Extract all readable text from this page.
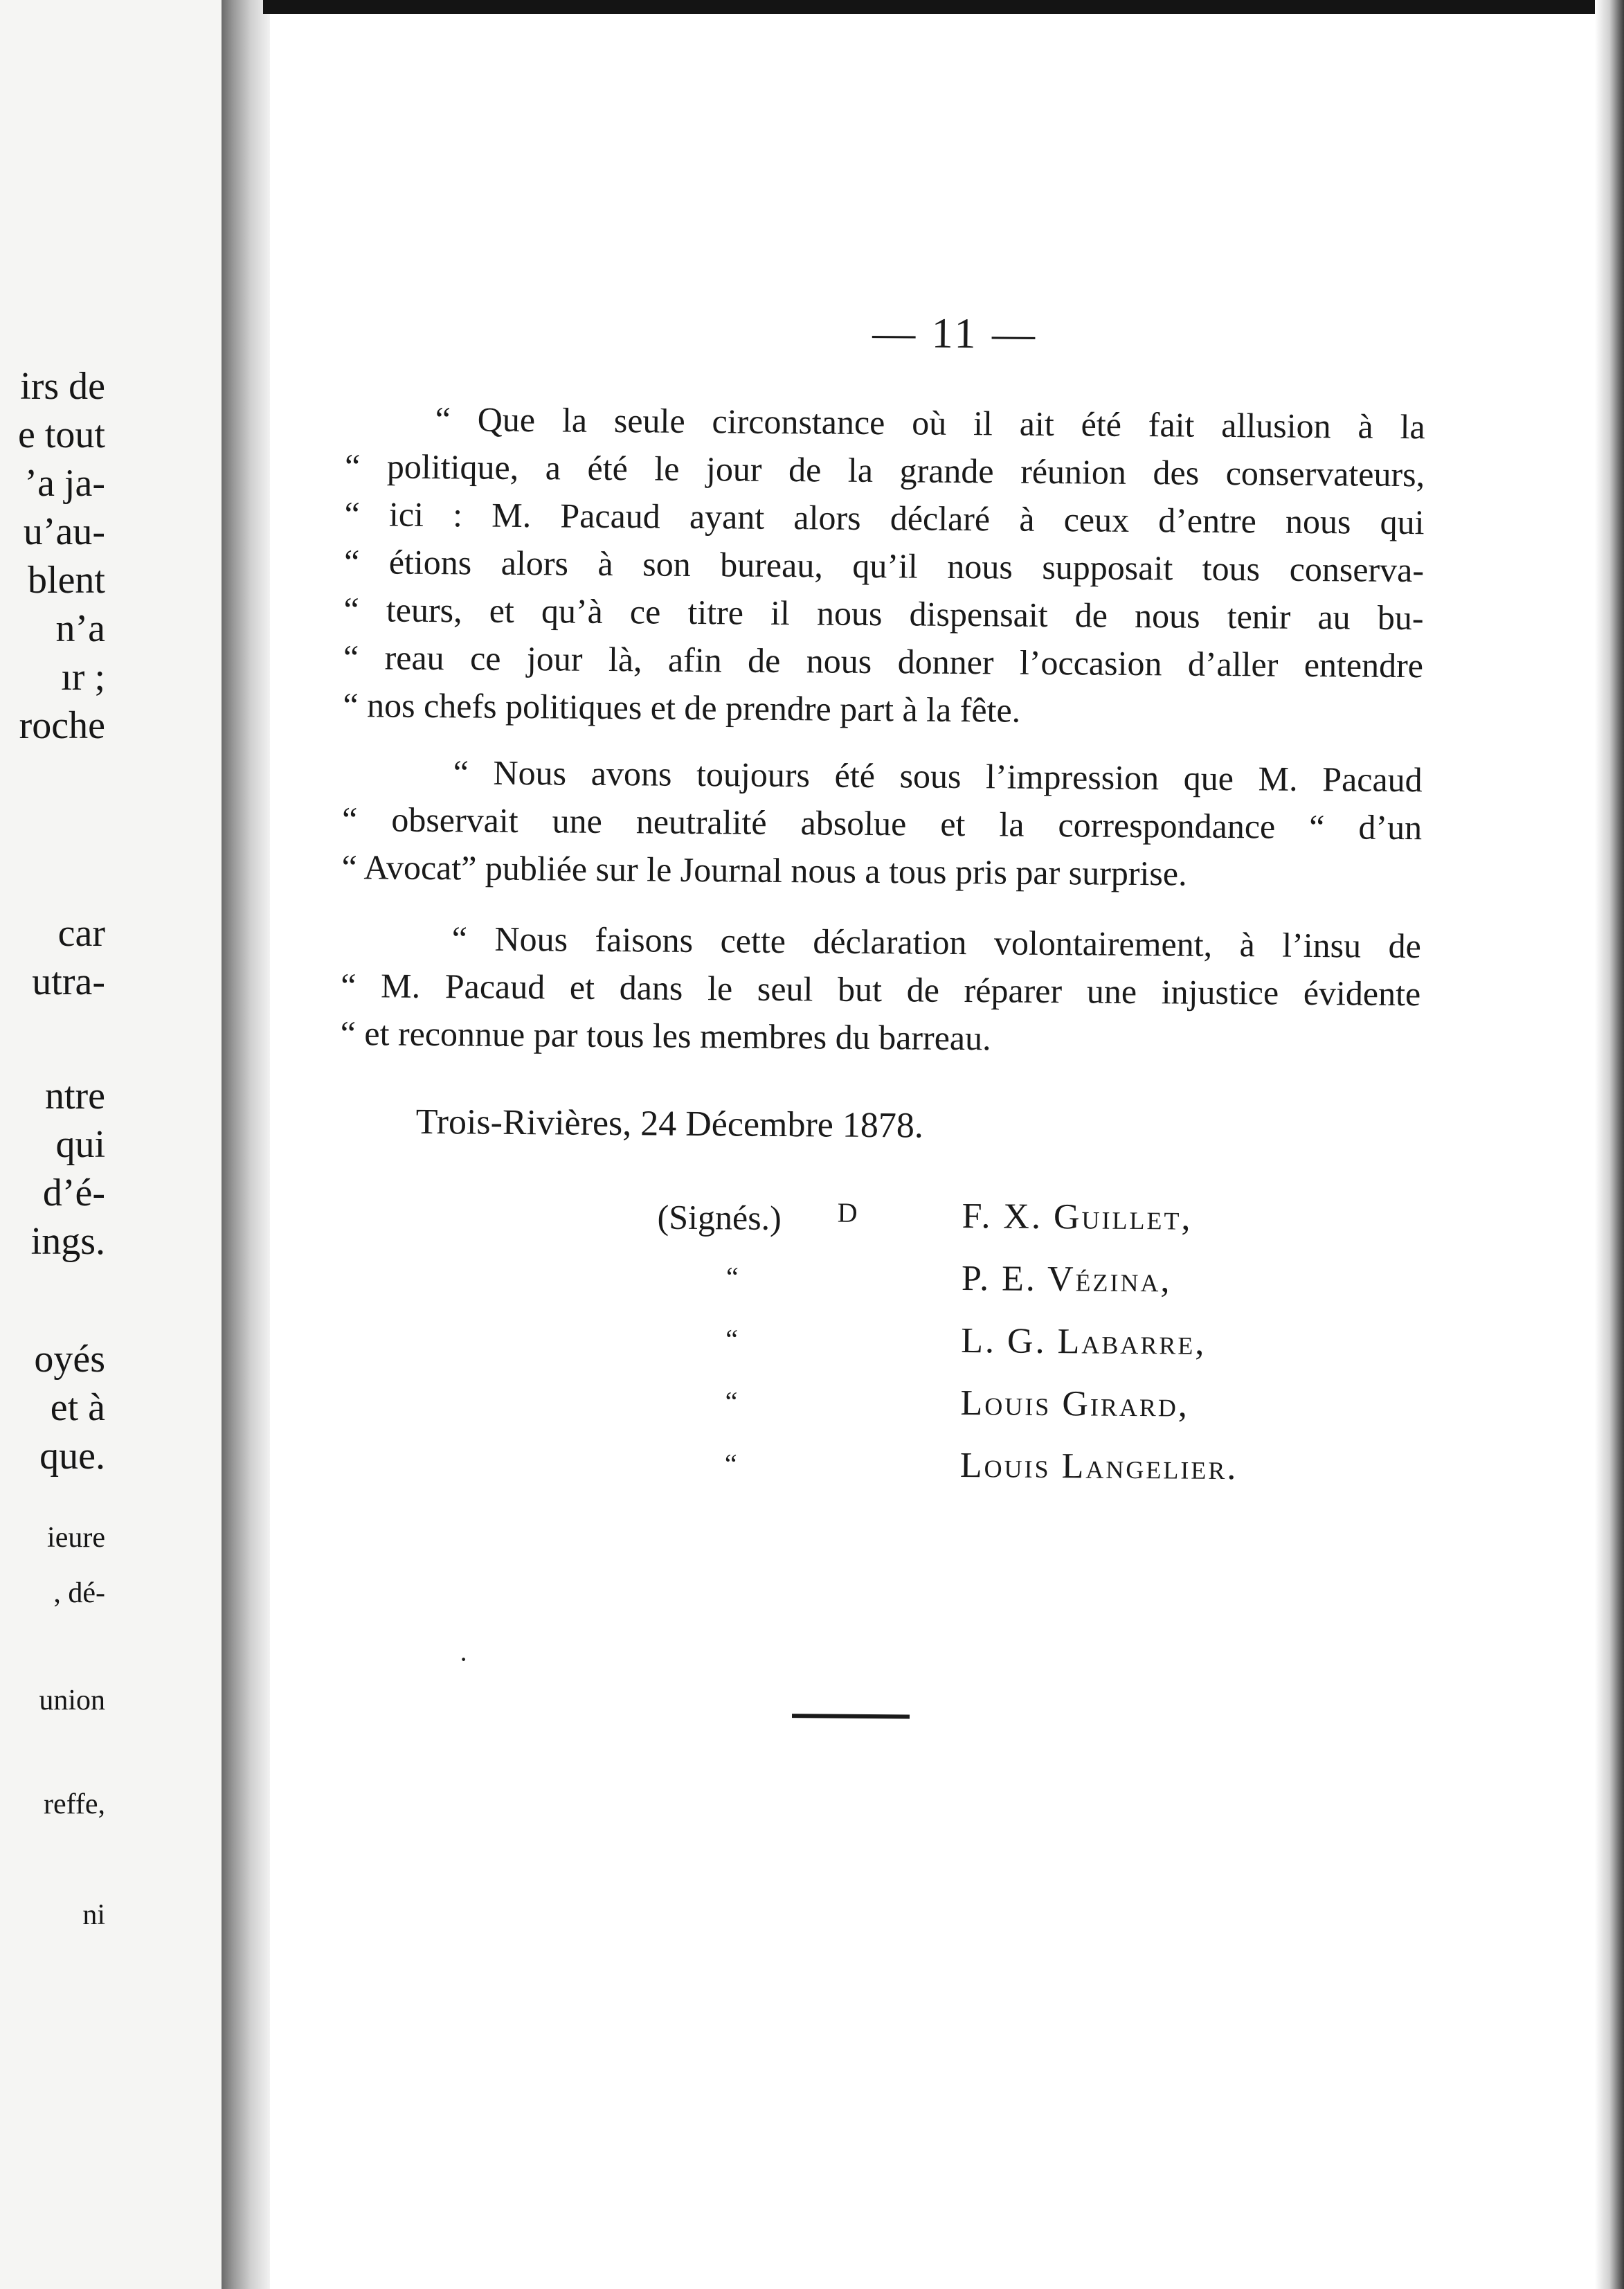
irs de
e tout
’a ja-
u’au-
blent
n’a
ır ;
roche
car
utra-
ntre
qui
d’é-
ings.
oyés
et à
que.
ieure
, dé-
union
reffe,
ni
— 11 —
“ Que la seule circonstance où il ait été fait allusion à la
“ politique, a été le jour de la grande réunion des conservateurs,
“ ici : M. Pacaud ayant alors déclaré à ceux d’entre nous qui
“ étions alors à son bureau, qu’il nous supposait tous conserva-
“ teurs, et qu’à ce titre il nous dispensait de nous tenir au bu-
“ reau ce jour là, afin de nous donner l’occasion d’aller entendre
“ nos chefs politiques et de prendre part à la fête.
“ Nous avons toujours été sous l’impression que M. Pacaud
“ observait une neutralité absolue et la correspondance “ d’un
“ Avocat” publiée sur le Journal nous a tous pris par surprise.
“ Nous faisons cette déclaration volontairement, à l’insu de
“ M. Pacaud et dans le seul but de réparer une injustice évidente
“ et reconnue par tous les membres du barreau.
Trois-Rivières, 24 Décembre 1878.
(Signés.) D	F. X. Guillet,
“	P. E. Vézina,
“	L. G. Labarre,
“	Louis Girard,
“	Louis Langelier.
.
